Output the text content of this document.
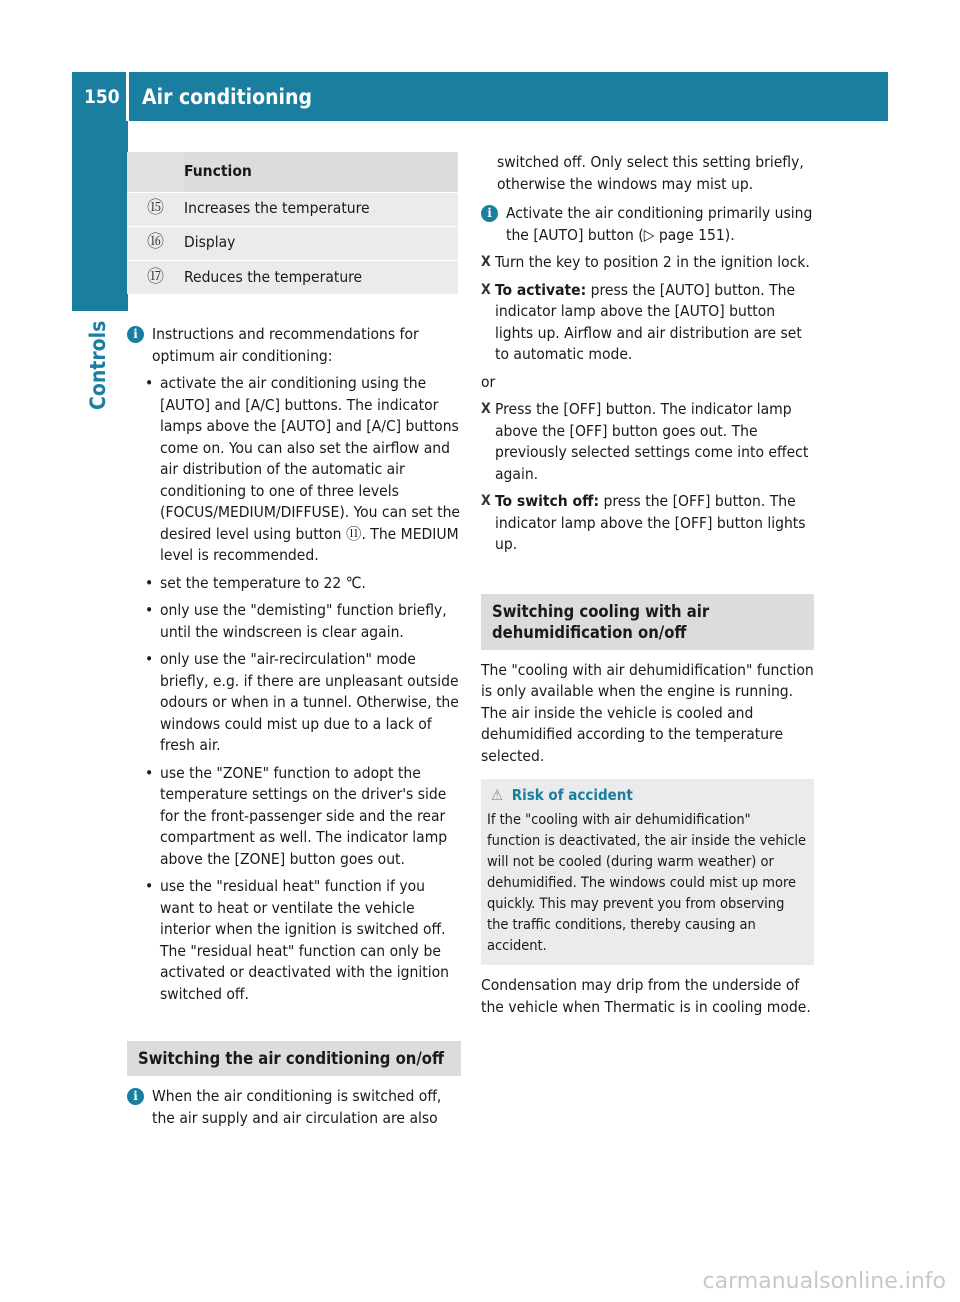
150	Air conditioning
Controls
	Function
⑮	Increases the temperature
⑯	Display
⑰	Reduces the temperature
i Instructions and recommendations for optimum air conditioning:
• activate the air conditioning using the [AUTO] and [A/C] buttons. The indicator lamps above the [AUTO] and [A/C] buttons come on. You can also set the airflow and air distribution of the automatic air conditioning to one of three levels (FOCUS/MEDIUM/DIFFUSE). You can set the desired level using button ⑪. The MEDIUM level is recommended.
• set the temperature to 22 ℃.
• only use the "demisting" function briefly, until the windscreen is clear again.
• only use the "air-recirculation" mode briefly, e.g. if there are unpleasant outside odours or when in a tunnel. Otherwise, the windows could mist up due to a lack of fresh air.
• use the "ZONE" function to adopt the temperature settings on the driver's side for the front-passenger side and the rear compartment as well. The indicator lamp above the [ZONE] button goes out.
• use the "residual heat" function if you want to heat or ventilate the vehicle interior when the ignition is switched off. The "residual heat" function can only be activated or deactivated with the ignition switched off.
Switching the air conditioning on/off
i When the air conditioning is switched off, the air supply and air circulation are also
switched off. Only select this setting briefly, otherwise the windows may mist up.
i Activate the air conditioning primarily using the [AUTO] button (▷ page 151).
X Turn the key to position 2 in the ignition lock.
X To activate: press the [AUTO] button. The indicator lamp above the [AUTO] button lights up. Airflow and air distribution are set to automatic mode.
or
X Press the [OFF] button. The indicator lamp above the [OFF] button goes out. The previously selected settings come into effect again.
X To switch off: press the [OFF] button. The indicator lamp above the [OFF] button lights up.
Switching cooling with air dehumidification on/off
The "cooling with air dehumidification" function is only available when the engine is running. The air inside the vehicle is cooled and dehumidified according to the temperature selected.
⚠ Risk of accident
If the "cooling with air dehumidification" function is deactivated, the air inside the vehicle will not be cooled (during warm weather) or dehumidified. The windows could mist up more quickly. This may prevent you from observing the traffic conditions, thereby causing an accident.
Condensation may drip from the underside of the vehicle when Thermatic is in cooling mode.
carmanualsonline.info
